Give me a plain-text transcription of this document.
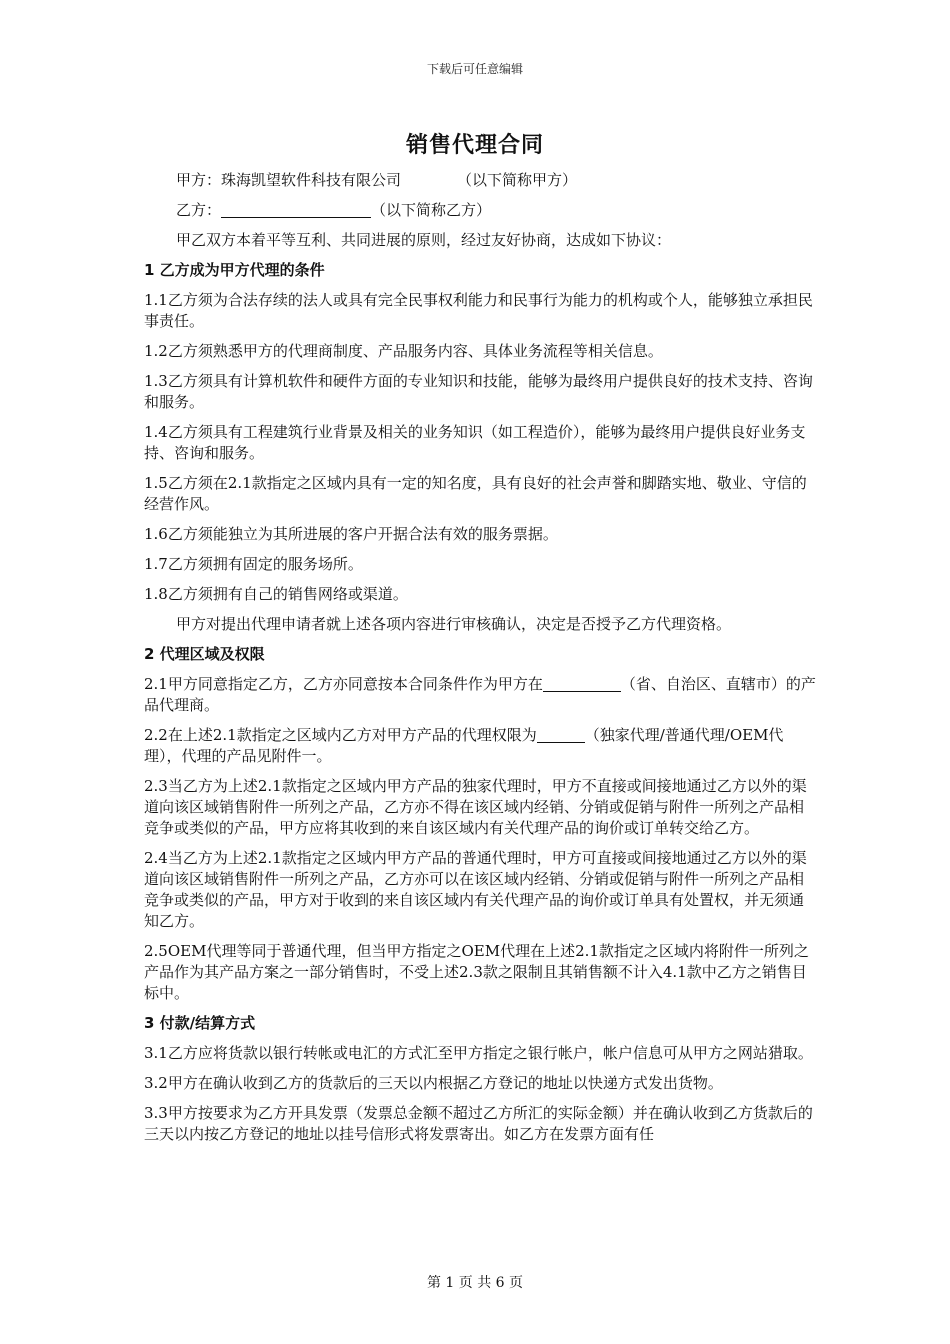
下载后可任意编辑
销售代理合同

甲方：珠海凯望软件科技有限公司	（以下简称甲方）

乙方：	（以下简称乙方）

甲乙双方本着平等互利、共同进展的原则，经过友好协商，达成如下协议：

1 乙方成为甲方代理的条件

1.1乙方须为合法存续的法人或具有完全民事权利能力和民事行为能力的机构或个人，能够独立承担民事责任。

1.2乙方须熟悉甲方的代理商制度、产品服务内容、具体业务流程等相关信息。

1.3乙方须具有计算机软件和硬件方面的专业知识和技能，能够为最终用户提供良好的技术支持、咨询和服务。

1.4乙方须具有工程建筑行业背景及相关的业务知识（如工程造价），能够为最终用户提供良好业务支持、咨询和服务。

1.5乙方须在2.1款指定之区域内具有一定的知名度，具有良好的社会声誉和脚踏实地、敬业、守信的经营作风。

1.6乙方须能独立为其所进展的客户开据合法有效的服务票据。

1.7乙方须拥有固定的服务场所。

1.8乙方须拥有自己的销售网络或渠道。

甲方对提出代理申请者就上述各项内容进行审核确认，决定是否授予乙方代理资格。

2 代理区域及权限

2.1甲方同意指定乙方，乙方亦同意按本合同条件作为甲方在	（省、自治区、直辖市）的产品代理商。

2.2在上述2.1款指定之区域内乙方对甲方产品的代理权限为	（独家代理/普通代理/OEM代理），代理的产品见附件一。

2.3当乙方为上述2.1款指定之区域内甲方产品的独家代理时，甲方不直接或间接地通过乙方以外的渠道向该区域销售附件一所列之产品，乙方亦不得在该区域内经销、分销或促销与附件一所列之产品相竞争或类似的产品，甲方应将其收到的来自该区域内有关代理产品的询价或订单转交给乙方。

2.4当乙方为上述2.1款指定之区域内甲方产品的普通代理时，甲方可直接或间接地通过乙方以外的渠道向该区域销售附件一所列之产品，乙方亦可以在该区域内经销、分销或促销与附件一所列之产品相竞争或类似的产品，甲方对于收到的来自该区域内有关代理产品的询价或订单具有处置权，并无须通知乙方。

2.5OEM代理等同于普通代理，但当甲方指定之OEM代理在上述2.1款指定之区域内将附件一所列之产品作为其产品方案之一部分销售时，不受上述2.3款之限制且其销售额不计入4.1款中乙方之销售目标中。

3 付款/结算方式

3.1乙方应将货款以银行转帐或电汇的方式汇至甲方指定之银行帐户，帐户信息可从甲方之网站猎取。

3.2甲方在确认收到乙方的货款后的三天以内根据乙方登记的地址以快递方式发出货物。

3.3甲方按要求为乙方开具发票（发票总金额不超过乙方所汇的实际金额）并在确认收到乙方货款后的三天以内按乙方登记的地址以挂号信形式将发票寄出。如乙方在发票方面有任

第 1 页 共 6 页
